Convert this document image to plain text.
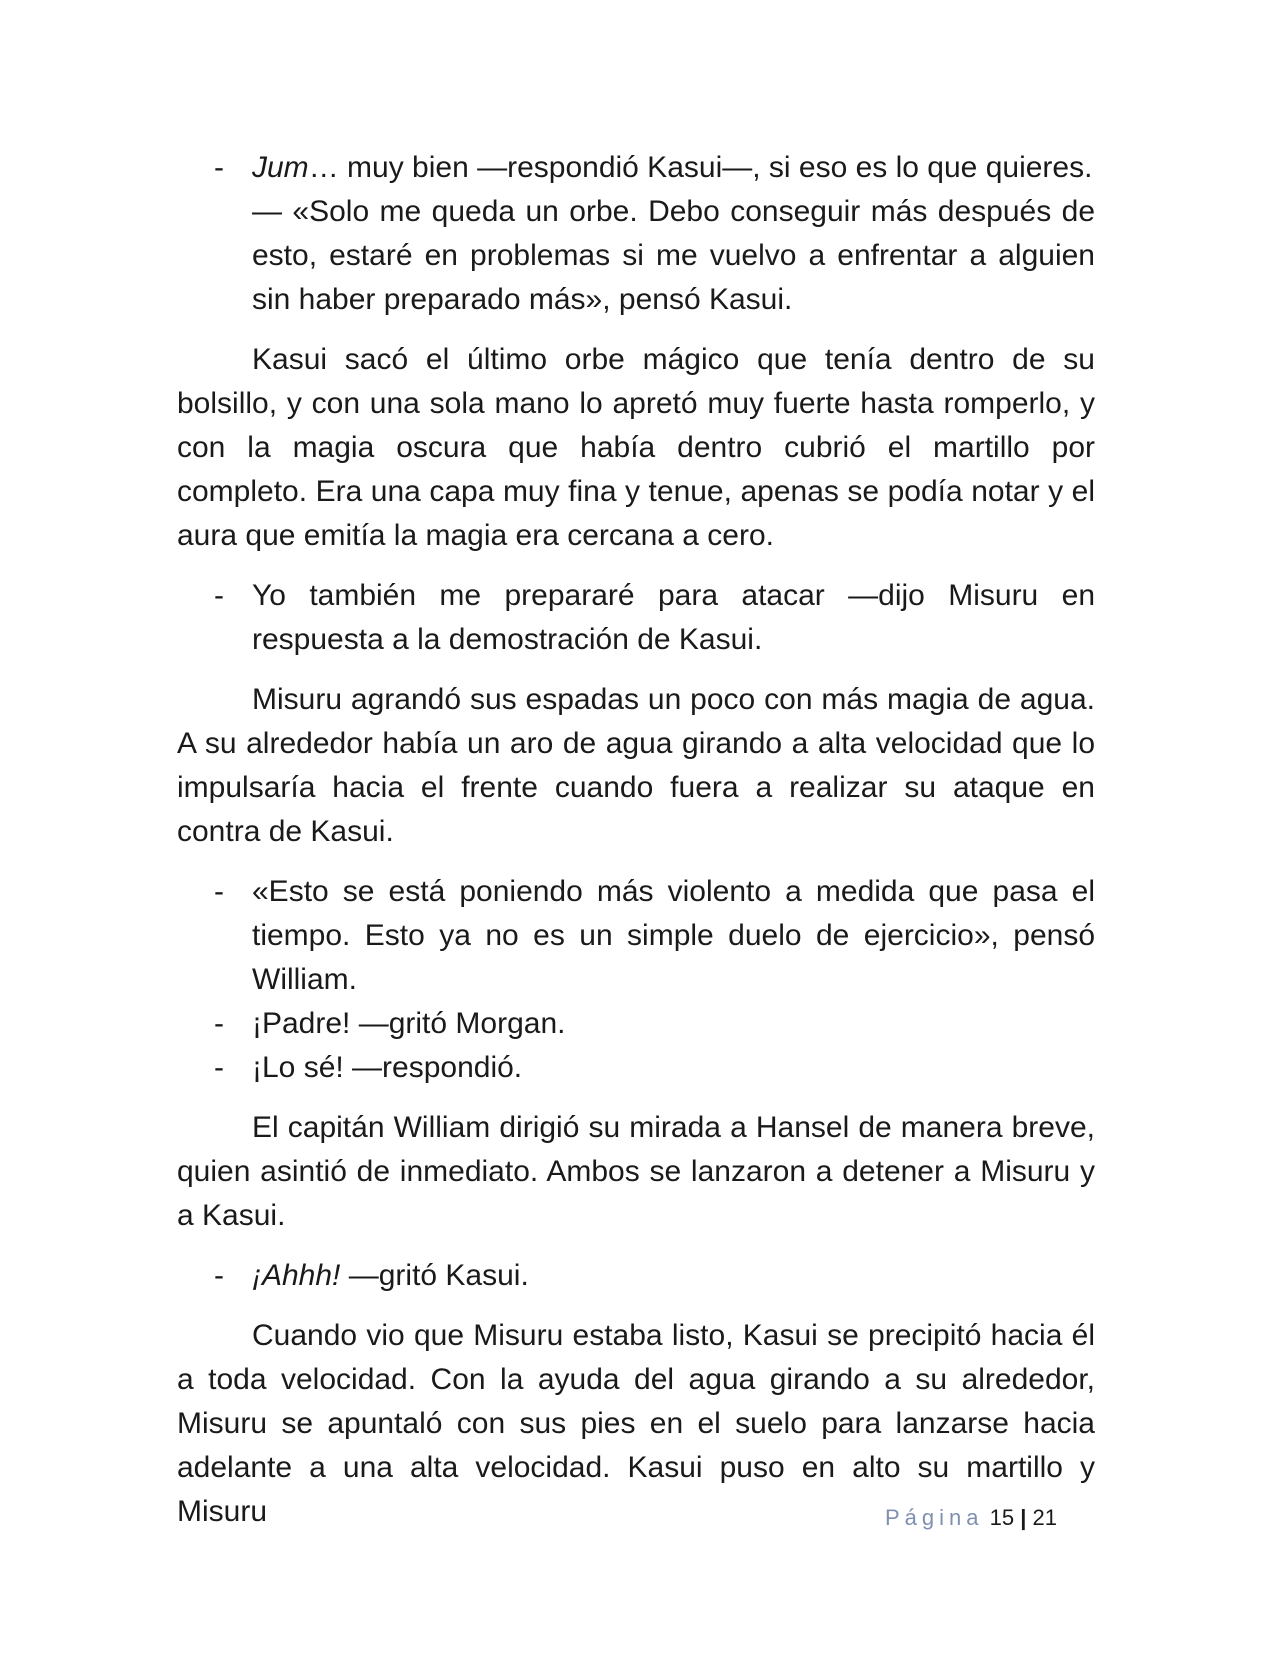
- Jum… muy bien —respondió Kasui—, si eso es lo que quieres.
— «Solo me queda un orbe. Debo conseguir más después de esto, estaré en problemas si me vuelvo a enfrentar a alguien sin haber preparado más», pensó Kasui.

Kasui sacó el último orbe mágico que tenía dentro de su bolsillo, y con una sola mano lo apretó muy fuerte hasta romperlo, y con la magia oscura que había dentro cubrió el martillo por completo. Era una capa muy fina y tenue, apenas se podía notar y el aura que emitía la magia era cercana a cero.

- Yo también me prepararé para atacar —dijo Misuru en respuesta a la demostración de Kasui.

Misuru agrandó sus espadas un poco con más magia de agua. A su alrededor había un aro de agua girando a alta velocidad que lo impulsaría hacia el frente cuando fuera a realizar su ataque en contra de Kasui.

- «Esto se está poniendo más violento a medida que pasa el tiempo. Esto ya no es un simple duelo de ejercicio», pensó William.
- ¡Padre! —gritó Morgan.
- ¡Lo sé! —respondió.

El capitán William dirigió su mirada a Hansel de manera breve, quien asintió de inmediato. Ambos se lanzaron a detener a Misuru y a Kasui.

- ¡Ahhh! —gritó Kasui.

Cuando vio que Misuru estaba listo, Kasui se precipitó hacia él a toda velocidad. Con la ayuda del agua girando a su alrededor, Misuru se apuntaló con sus pies en el suelo para lanzarse hacia adelante a una alta velocidad. Kasui puso en alto su martillo y Misuru	Página 15 | 21
